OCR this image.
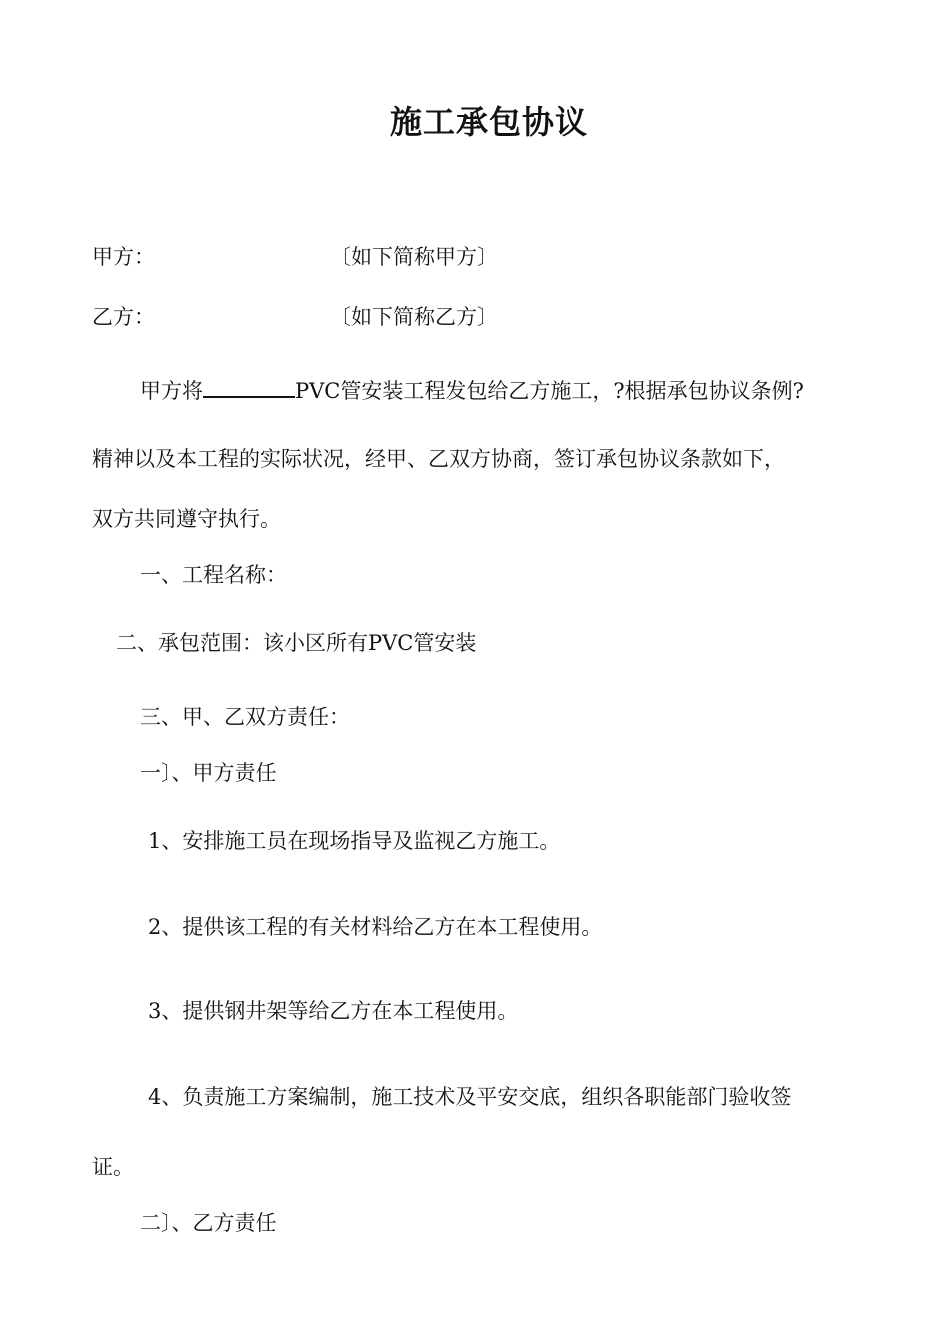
施工承包协议
甲方：	〔如下简称甲方〕
乙方：	〔如下简称乙方〕
甲方将	PVC管安装工程发包给乙方施工，?根据承包协议条例?
精神以及本工程的实际状况，经甲、乙双方协商，签订承包协议条款如下，
双方共同遵守执行。
一、工程名称：
二、承包范围：该小区所有PVC管安装
三、甲、乙双方责任：
一〕、甲方责任
1、安排施工员在现场指导及监视乙方施工。
2、提供该工程的有关材料给乙方在本工程使用。
3、提供钢井架等给乙方在本工程使用。
4、负责施工方案编制，施工技术及平安交底，组织各职能部门验收签
证。
二〕、乙方责任
